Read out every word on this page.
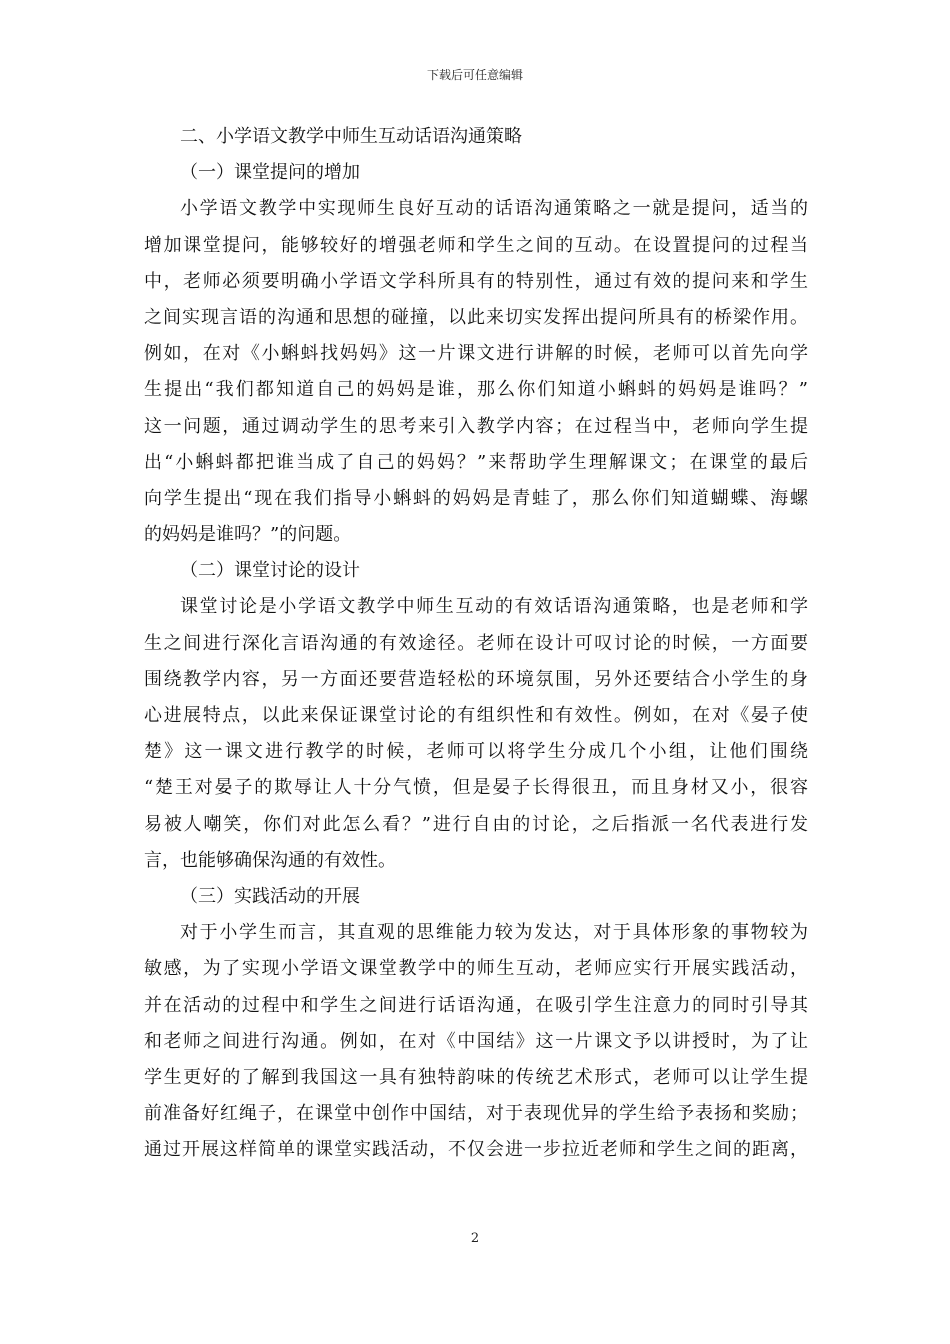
下载后可任意编辑
二、小学语文教学中师生互动话语沟通策略
（一）课堂提问的增加
小学语文教学中实现师生良好互动的话语沟通策略之一就是提问，适当的
增加课堂提问，能够较好的增强老师和学生之间的互动。在设置提问的过程当
中，老师必须要明确小学语文学科所具有的特别性，通过有效的提问来和学生
之间实现言语的沟通和思想的碰撞，以此来切实发挥出提问所具有的桥梁作用。
例如，在对《小蝌蚪找妈妈》这一片课文进行讲解的时候，老师可以首先向学
生提出“我们都知道自己的妈妈是谁，那么你们知道小蝌蚪的妈妈是谁吗？”
这一问题，通过调动学生的思考来引入教学内容；在过程当中，老师向学生提
出“小蝌蚪都把谁当成了自己的妈妈？”来帮助学生理解课文；在课堂的最后
向学生提出“现在我们指导小蝌蚪的妈妈是青蛙了，那么你们知道蝴蝶、海螺
的妈妈是谁吗？”的问题。
（二）课堂讨论的设计
课堂讨论是小学语文教学中师生互动的有效话语沟通策略，也是老师和学
生之间进行深化言语沟通的有效途径。老师在设计可叹讨论的时候，一方面要
围绕教学内容，另一方面还要营造轻松的环境氛围，另外还要结合小学生的身
心进展特点，以此来保证课堂讨论的有组织性和有效性。例如，在对《晏子使
楚》这一课文进行教学的时候，老师可以将学生分成几个小组，让他们围绕
“楚王对晏子的欺辱让人十分气愤，但是晏子长得很丑，而且身材又小，很容
易被人嘲笑，你们对此怎么看？”进行自由的讨论，之后指派一名代表进行发
言，也能够确保沟通的有效性。
（三）实践活动的开展
对于小学生而言，其直观的思维能力较为发达，对于具体形象的事物较为
敏感，为了实现小学语文课堂教学中的师生互动，老师应实行开展实践活动，
并在活动的过程中和学生之间进行话语沟通，在吸引学生注意力的同时引导其
和老师之间进行沟通。例如，在对《中国结》这一片课文予以讲授时，为了让
学生更好的了解到我国这一具有独特韵味的传统艺术形式，老师可以让学生提
前准备好红绳子，在课堂中创作中国结，对于表现优异的学生给予表扬和奖励；
通过开展这样简单的课堂实践活动，不仅会进一步拉近老师和学生之间的距离，
2
